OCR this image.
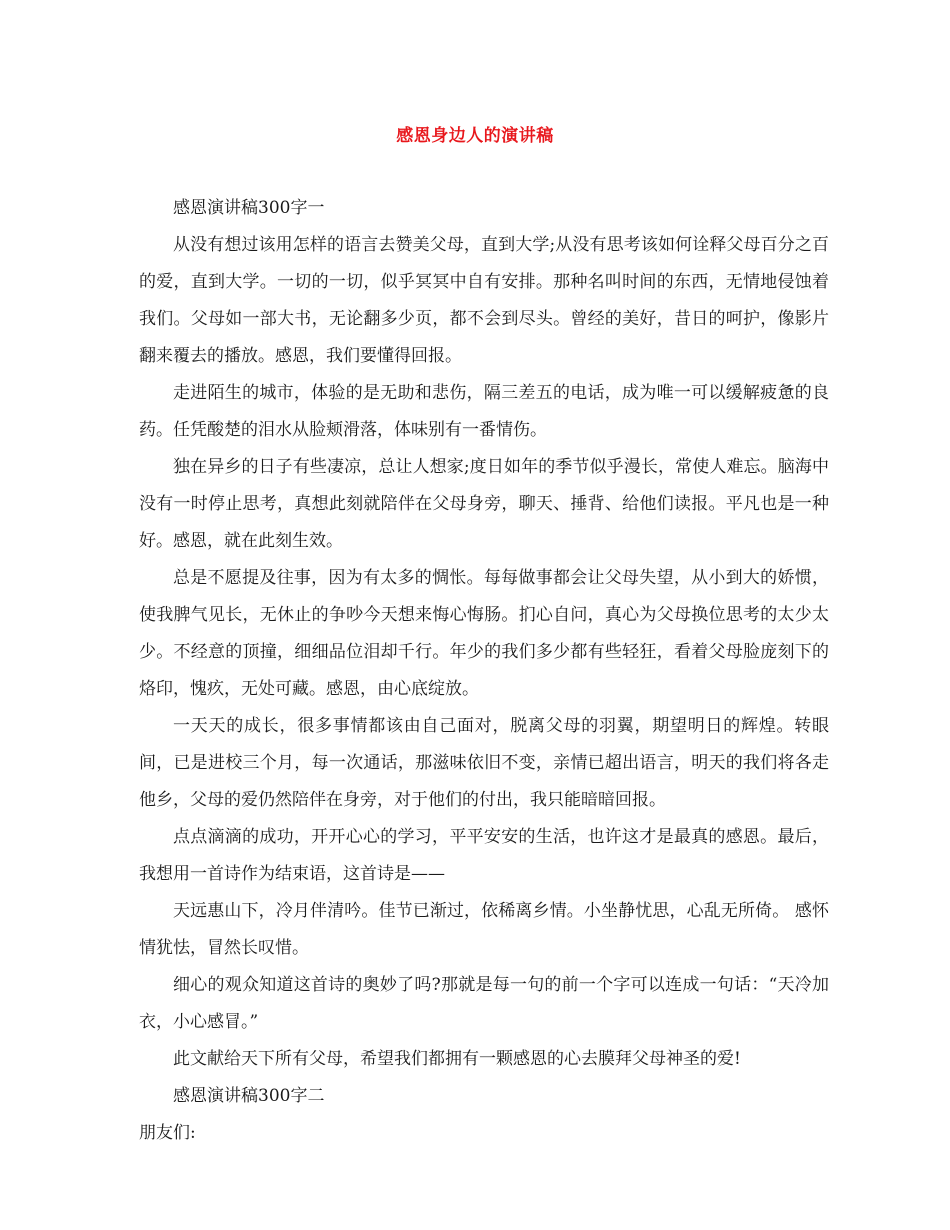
感恩身边人的演讲稿

感恩演讲稿300字一

从没有想过该用怎样的语言去赞美父母，直到大学;从没有思考该如何诠释父母百分之百的爱，直到大学。一切的一切，似乎冥冥中自有安排。那种名叫时间的东西，无情地侵蚀着我们。父母如一部大书，无论翻多少页，都不会到尽头。曾经的美好，昔日的呵护，像影片翻来覆去的播放。感恩，我们要懂得回报。

走进陌生的城市，体验的是无助和悲伤，隔三差五的电话，成为唯一可以缓解疲惫的良药。任凭酸楚的泪水从脸颊滑落，体味别有一番情伤。

独在异乡的日子有些凄凉，总让人想家;度日如年的季节似乎漫长，常使人难忘。脑海中没有一时停止思考，真想此刻就陪伴在父母身旁，聊天、捶背、给他们读报。平凡也是一种好。感恩，就在此刻生效。

总是不愿提及往事，因为有太多的惆怅。每每做事都会让父母失望，从小到大的娇惯，使我脾气见长，无休止的争吵今天想来悔心悔肠。扪心自问，真心为父母换位思考的太少太少。不经意的顶撞，细细品位泪却千行。年少的我们多少都有些轻狂，看着父母脸庞刻下的烙印，愧疚，无处可藏。感恩，由心底绽放。

一天天的成长，很多事情都该由自己面对，脱离父母的羽翼，期望明日的辉煌。转眼间，已是进校三个月，每一次通话，那滋味依旧不变，亲情已超出语言，明天的我们将各走他乡，父母的爱仍然陪伴在身旁，对于他们的付出，我只能暗暗回报。

点点滴滴的成功，开开心心的学习，平平安安的生活，也许这才是最真的感恩。最后，我想用一首诗作为结束语，这首诗是——

天远惠山下，冷月伴清吟。佳节已渐过，依稀离乡情。小坐静忧思，心乱无所倚。 感怀情犹怯，冒然长叹惜。

细心的观众知道这首诗的奥妙了吗?那就是每一句的前一个字可以连成一句话：“天冷加衣，小心感冒。”

此文献给天下所有父母，希望我们都拥有一颗感恩的心去膜拜父母神圣的爱!

感恩演讲稿300字二

朋友们:
